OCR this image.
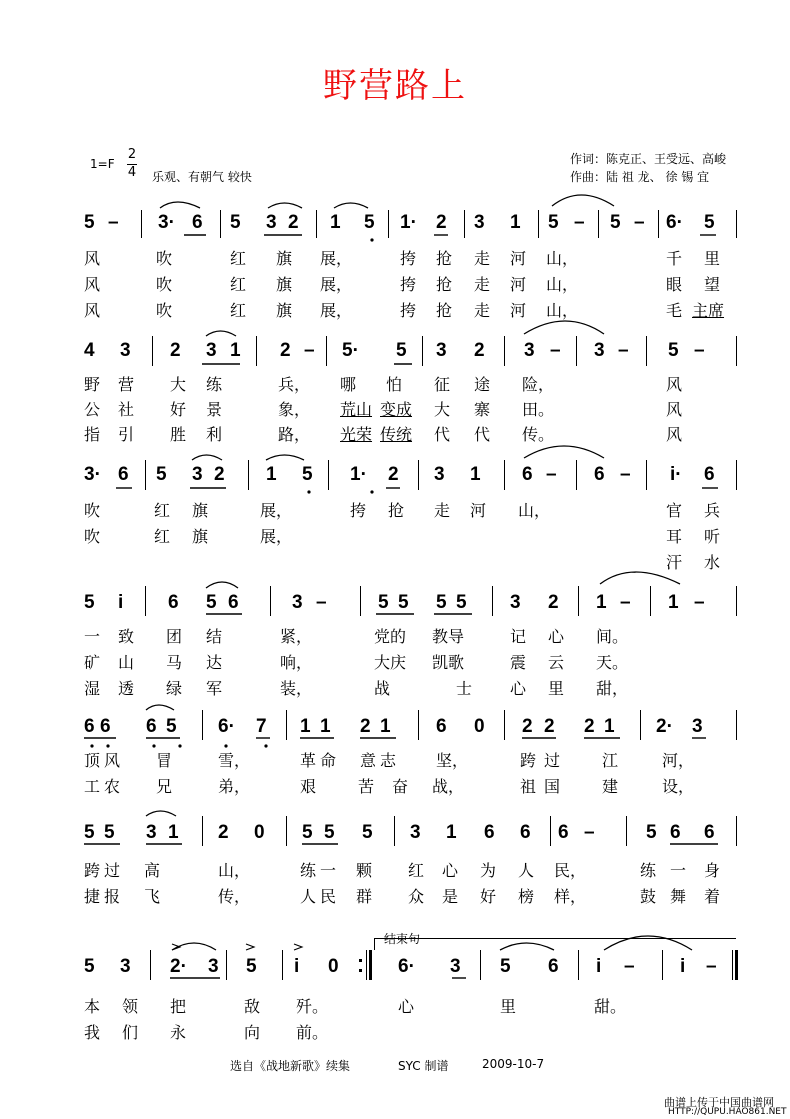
野营路上
1=F
2
4 乐观、有朝气 较快
作词：陈克正、王受远、高峻
作曲：陆 祖 龙、 徐 锡 宜
5 – 3· 6 5 3 2 1 5 1· 2 3 1 5 – 5 – 6· 5
风	吹	红 旗 展，	挎 抢 走 河 山，	千 里
风	吹	红 旗 展，	挎 抢 走 河 山，	眼 望
风	吹	红 旗 展，	挎 抢 走 河 山，	毛 主席
4 3 2 3 1 2 – 5· 5 3 2 3 – 3 – 5 –
野 营 大 练	兵， 哪 怕 征 途 险，	风
公 社 好 景	象， 荒山 变成 大 寨 田。	风
指 引 胜 利	路， 光荣 传统 代 代 传。	风
3· 6 5 3 2 1 5 1· 2 3 1 6 – 6 – i· 6
吹	红 旗	展，	挎 抢 走 河 山，	官 兵
吹	红 旗	展，	耳 听
汗 水
5 i 6 5 6	3 –	5 5 5 5 3 2 1 – 1 –
一 致 团 结	紧，	党的 教导	记 心 间。
矿 山 马 达	响，	大庆 凯歌	震 云 天。
湿 透 绿 军	装，	战	士 心 里 甜，
6 6 6 5 6· 7 1 1 2 1 6 0 2 2 2 1 2· 3
顶 风 冒	雪，	革 命 意 志 坚，	跨 过	江	河，
工 农 兄	弟，	艰	苦 奋 战，	祖 国	建	设，
5 5 3 1 2 0 5 5 5 3 1 6 6 6 –	5 6 6
跨 过 高	山，	练 一 颗 红 心 为 人 民，	练 一 身
捷 报 飞	传，	人 民 群 众 是 好 榜 样，	鼓 舞 着
结束句
5 3 2· 3 5 i 0	6· 3 5 6 i – i –
本 领 把	敌 歼。	心	里	甜。
我 们 永	向 前。
选自《战地新歌》续集	SYC 制谱	2009-10-7
曲谱上传于中国曲谱网
HTTP://QUPU.HAO861.NET
